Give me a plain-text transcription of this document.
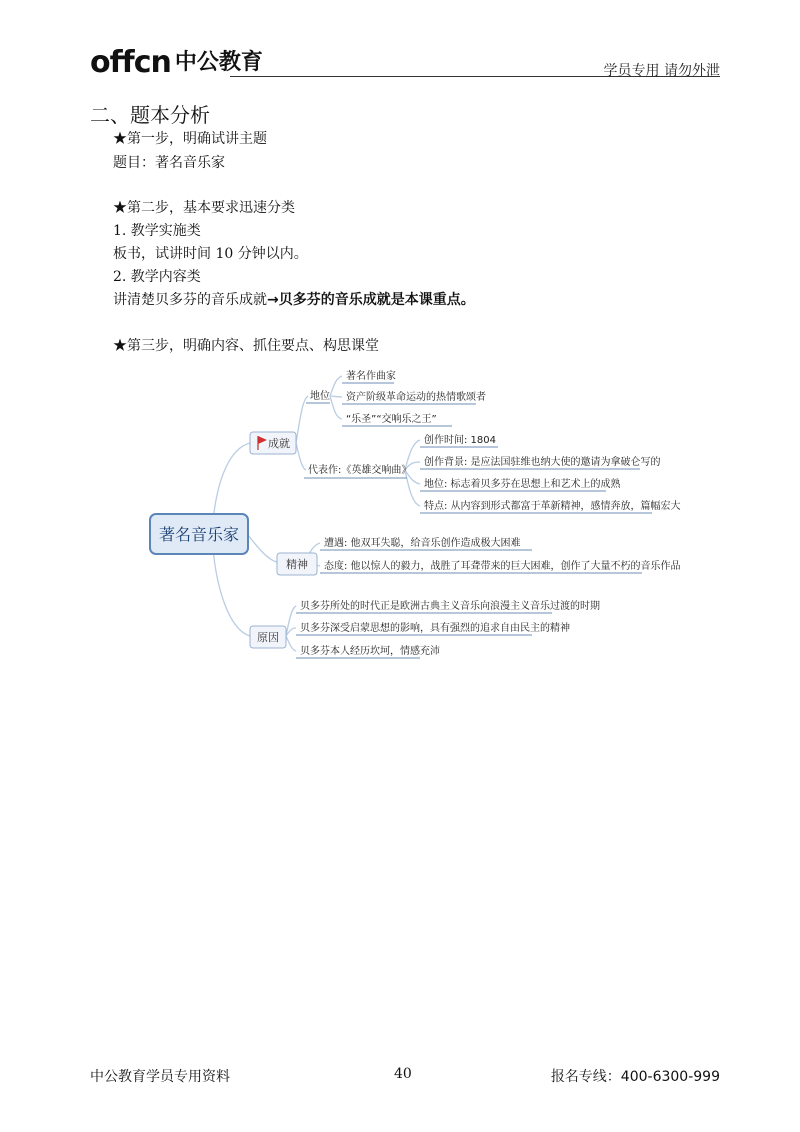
offcn 中公教育	学员专用 请勿外泄
二、题本分析
★第一步，明确试讲主题
题目：著名音乐家
★第二步，基本要求迅速分类
1. 教学实施类
板书，试讲时间 10 分钟以内。
2. 教学内容类
讲清楚贝多芬的音乐成就→贝多芬的音乐成就是本课重点。
★第三步，明确内容、抓住要点、构思课堂
著名音乐家
成就
精神
原因
地位
著名作曲家
资产阶级革命运动的热情歌颂者
“乐圣”“交响乐之王”
代表作:《英雄交响曲》
创作时间: 1804
创作背景: 是应法国驻维也纳大使的邀请为拿破仑写的
地位: 标志着贝多芬在思想上和艺术上的成熟
特点: 从内容到形式都富于革新精神，感情奔放，篇幅宏大
遭遇: 他双耳失聪，给音乐创作造成极大困难
态度: 他以惊人的毅力，战胜了耳聋带来的巨大困难，创作了大量不朽的音乐作品
贝多芬所处的时代正是欧洲古典主义音乐向浪漫主义音乐过渡的时期
贝多芬深受启蒙思想的影响，具有强烈的追求自由民主的精神
贝多芬本人经历坎坷，情感充沛
中公教育学员专用资料	40	报名专线：400-6300-999
